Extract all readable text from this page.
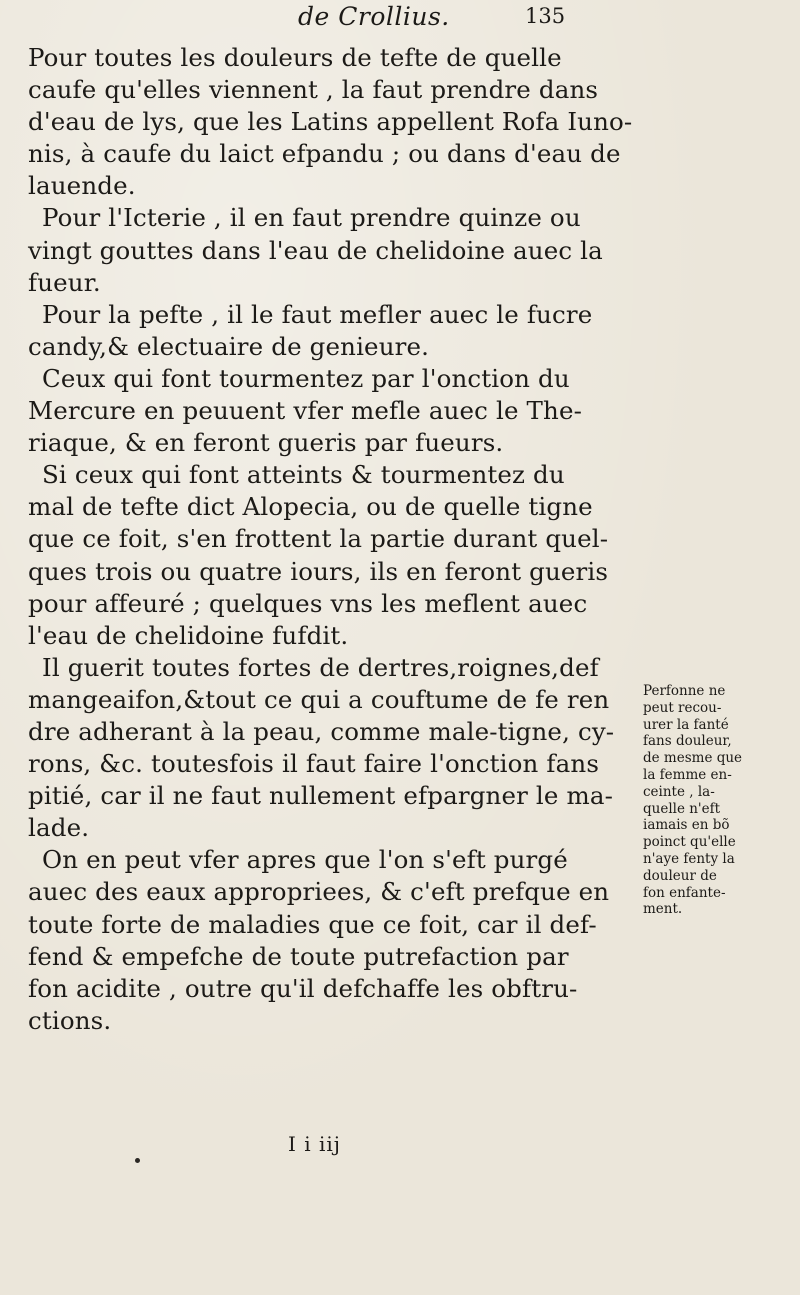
de Crollius.	135
Pour toutes les douleurs de tefte de quelle
caufe qu'elles viennent , la faut prendre dans
d'eau de lys, que les Latins appellent Rofa Iuno-
nis, à caufe du laict efpandu ; ou dans d'eau de
lauende.
Pour l'Icterie , il en faut prendre quinze ou
vingt gouttes dans l'eau de chelidoine auec la
fueur.
Pour la pefte , il le faut mefler auec le fucre
candy,& electuaire de genieure.
Ceux qui font tourmentez par l'onction du
Mercure en peuuent vfer mefle auec le The-
riaque, & en feront gueris par fueurs.
Si ceux qui font atteints & tourmentez du
mal de tefte dict Alopecia, ou de quelle tigne
que ce foit, s'en frottent la partie durant quel-
ques trois ou quatre iours, ils en feront gueris
pour affeuré ; quelques vns les meflent auec
l'eau de chelidoine fufdit.
Il guerit toutes fortes de dertres,roignes,def
mangeaifon,&tout ce qui a couftume de fe ren
dre adherant à la peau, comme male-tigne, cy-
rons, &c. toutesfois il faut faire l'onction fans
pitié, car il ne faut nullement efpargner le ma-
lade.
On en peut vfer apres que l'on s'eft purgé
auec des eaux appropriees, & c'eft prefque en
toute forte de maladies que ce foit, car il def-
fend & empefche de toute putrefaction par
fon acidite , outre qu'il defchaffe les obftru-
ctions.
Perfonne ne
peut recou-
urer la fanté
fans douleur,
de mesme que
la femme en-
ceinte , la-
quelle n'eft
iamais en bõ
poinct qu'elle
n'aye fenty la
douleur de
fon enfante-
ment.
I i iij
